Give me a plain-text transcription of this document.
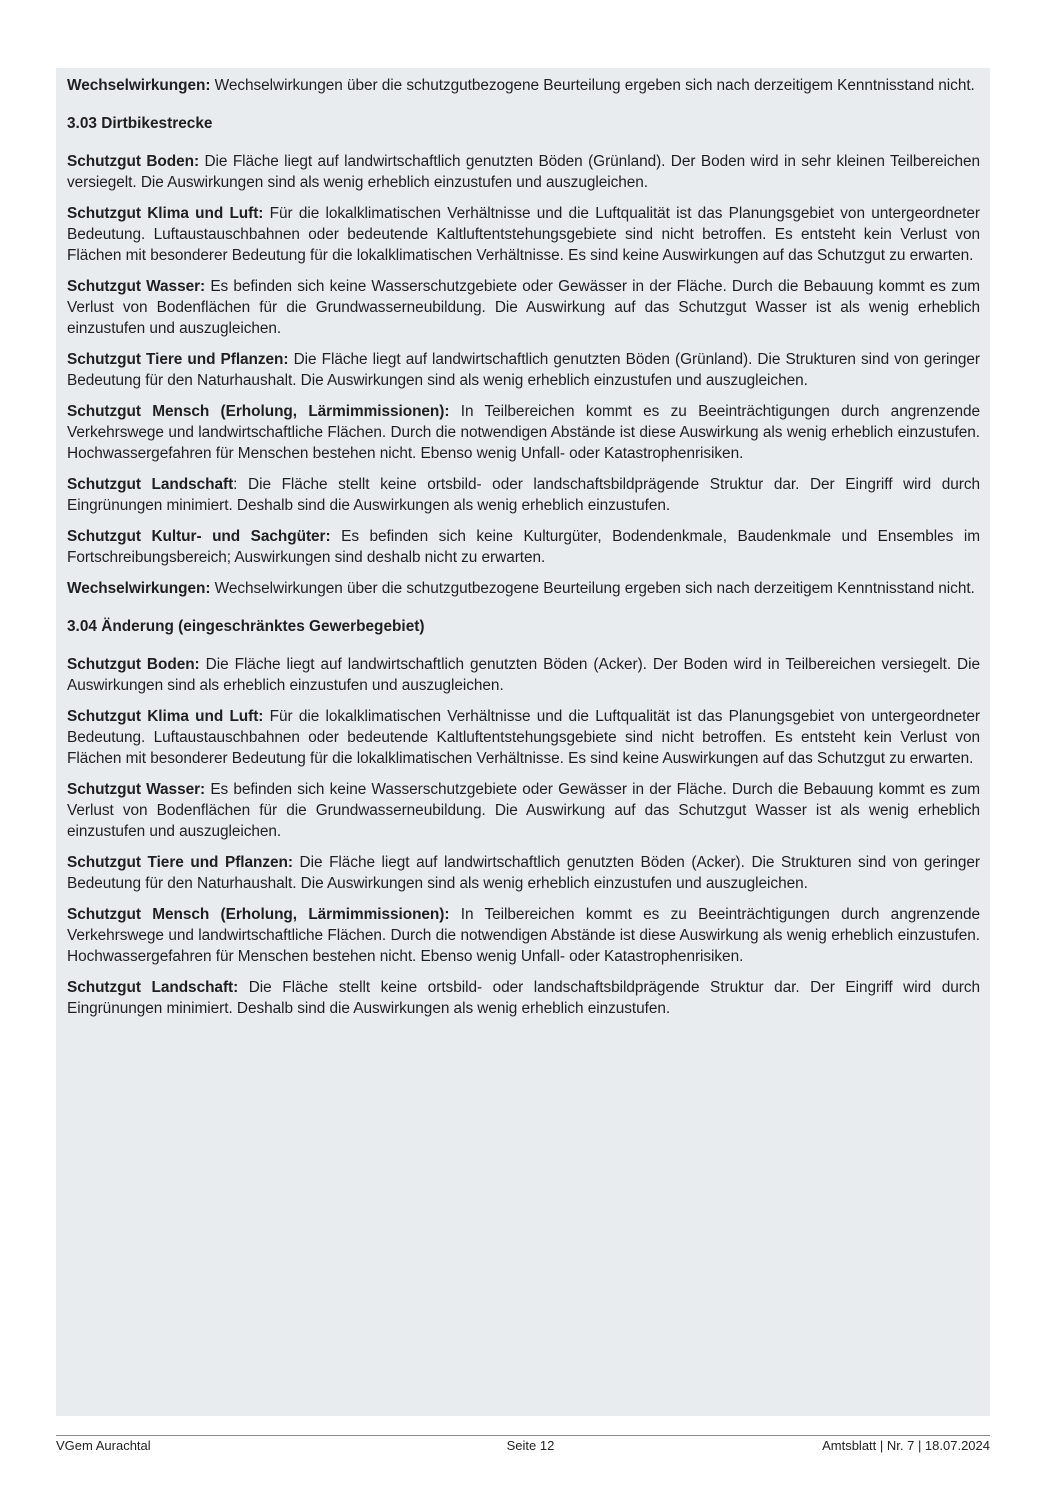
Wechselwirkungen: Wechselwirkungen über die schutzgutbezogene Beurteilung ergeben sich nach derzeitigem Kenntnisstand nicht.

3.03 Dirtbikestrecke

Schutzgut Boden: Die Fläche liegt auf landwirtschaftlich genutzten Böden (Grünland). Der Boden wird in sehr kleinen Teilbereichen versiegelt. Die Auswirkungen sind als wenig erheblich einzustufen und auszugleichen.

Schutzgut Klima und Luft: Für die lokalklimatischen Verhältnisse und die Luftqualität ist das Planungsgebiet von untergeordneter Bedeutung. Luftaustauschbahnen oder bedeutende Kaltluftentstehungsgebiete sind nicht betroffen. Es entsteht kein Verlust von Flächen mit besonderer Bedeutung für die lokalklimatischen Verhältnisse. Es sind keine Auswirkungen auf das Schutzgut zu erwarten.

Schutzgut Wasser: Es befinden sich keine Wasserschutzgebiete oder Gewässer in der Fläche. Durch die Bebauung kommt es zum Verlust von Bodenflächen für die Grundwasserneubildung. Die Auswirkung auf das Schutzgut Wasser ist als wenig erheblich einzustufen und auszugleichen.

Schutzgut Tiere und Pflanzen: Die Fläche liegt auf landwirtschaftlich genutzten Böden (Grünland). Die Strukturen sind von geringer Bedeutung für den Naturhaushalt. Die Auswirkungen sind als wenig erheblich einzustufen und auszugleichen.

Schutzgut Mensch (Erholung, Lärmimmissionen): In Teilbereichen kommt es zu Beeinträchtigungen durch angrenzende Verkehrswege und landwirtschaftliche Flächen. Durch die notwendigen Abstände ist diese Auswirkung als wenig erheblich einzustufen. Hochwassergefahren für Menschen bestehen nicht. Ebenso wenig Unfall- oder Katastrophenrisiken.

Schutzgut Landschaft: Die Fläche stellt keine ortsbild- oder landschaftsbildprägende Struktur dar. Der Eingriff wird durch Eingrünungen minimiert. Deshalb sind die Auswirkungen als wenig erheblich einzustufen.

Schutzgut Kultur- und Sachgüter: Es befinden sich keine Kulturgüter, Bodendenkmale, Baudenkmale und Ensembles im Fortschreibungsbereich; Auswirkungen sind deshalb nicht zu erwarten.

Wechselwirkungen: Wechselwirkungen über die schutzgutbezogene Beurteilung ergeben sich nach derzeitigem Kenntnisstand nicht.

3.04 Änderung (eingeschränktes Gewerbegebiet)

Schutzgut Boden: Die Fläche liegt auf landwirtschaftlich genutzten Böden (Acker). Der Boden wird in Teilbereichen versiegelt. Die Auswirkungen sind als erheblich einzustufen und auszugleichen.

Schutzgut Klima und Luft: Für die lokalklimatischen Verhältnisse und die Luftqualität ist das Planungsgebiet von untergeordneter Bedeutung. Luftaustauschbahnen oder bedeutende Kaltluftentstehungsgebiete sind nicht betroffen. Es entsteht kein Verlust von Flächen mit besonderer Bedeutung für die lokalklimatischen Verhältnisse. Es sind keine Auswirkungen auf das Schutzgut zu erwarten.

Schutzgut Wasser: Es befinden sich keine Wasserschutzgebiete oder Gewässer in der Fläche. Durch die Bebauung kommt es zum Verlust von Bodenflächen für die Grundwasserneubildung. Die Auswirkung auf das Schutzgut Wasser ist als wenig erheblich einzustufen und auszugleichen.

Schutzgut Tiere und Pflanzen: Die Fläche liegt auf landwirtschaftlich genutzten Böden (Acker). Die Strukturen sind von geringer Bedeutung für den Naturhaushalt. Die Auswirkungen sind als wenig erheblich einzustufen und auszugleichen.

Schutzgut Mensch (Erholung, Lärmimmissionen): In Teilbereichen kommt es zu Beeinträchtigungen durch angrenzende Verkehrswege und landwirtschaftliche Flächen. Durch die notwendigen Abstände ist diese Auswirkung als wenig erheblich einzustufen. Hochwassergefahren für Menschen bestehen nicht. Ebenso wenig Unfall- oder Katastrophenrisiken.

Schutzgut Landschaft: Die Fläche stellt keine ortsbild- oder landschaftsbildprägende Struktur dar. Der Eingriff wird durch Eingrünungen minimiert. Deshalb sind die Auswirkungen als wenig erheblich einzustufen.

VGem Aurachtal	Seite 12	Amtsblatt | Nr. 7 | 18.07.2024
